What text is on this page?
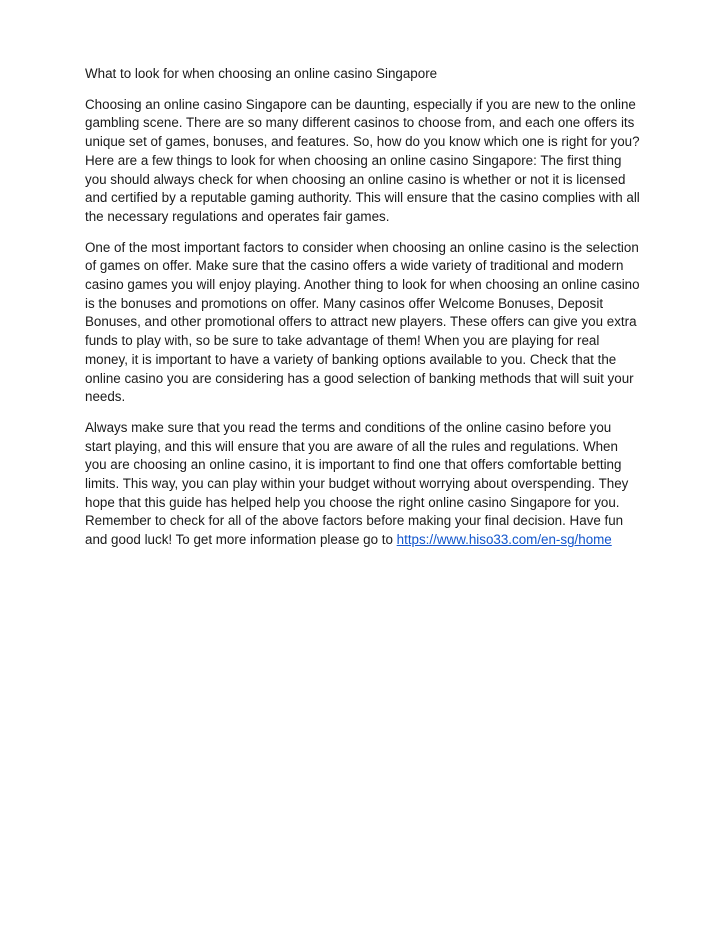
What to look for when choosing an online casino Singapore

Choosing an online casino Singapore can be daunting, especially if you are new to the online gambling scene. There are so many different casinos to choose from, and each one offers its unique set of games, bonuses, and features. So, how do you know which one is right for you? Here are a few things to look for when choosing an online casino Singapore: The first thing you should always check for when choosing an online casino is whether or not it is licensed and certified by a reputable gaming authority. This will ensure that the casino complies with all the necessary regulations and operates fair games.

One of the most important factors to consider when choosing an online casino is the selection of games on offer. Make sure that the casino offers a wide variety of traditional and modern casino games you will enjoy playing. Another thing to look for when choosing an online casino is the bonuses and promotions on offer. Many casinos offer Welcome Bonuses, Deposit Bonuses, and other promotional offers to attract new players. These offers can give you extra funds to play with, so be sure to take advantage of them! When you are playing for real money, it is important to have a variety of banking options available to you. Check that the online casino you are considering has a good selection of banking methods that will suit your needs.

Always make sure that you read the terms and conditions of the online casino before you start playing, and this will ensure that you are aware of all the rules and regulations. When you are choosing an online casino, it is important to find one that offers comfortable betting limits. This way, you can play within your budget without worrying about overspending. They hope that this guide has helped help you choose the right online casino Singapore for you. Remember to check for all of the above factors before making your final decision. Have fun and good luck! To get more information please go to https://www.hiso33.com/en-sg/home
